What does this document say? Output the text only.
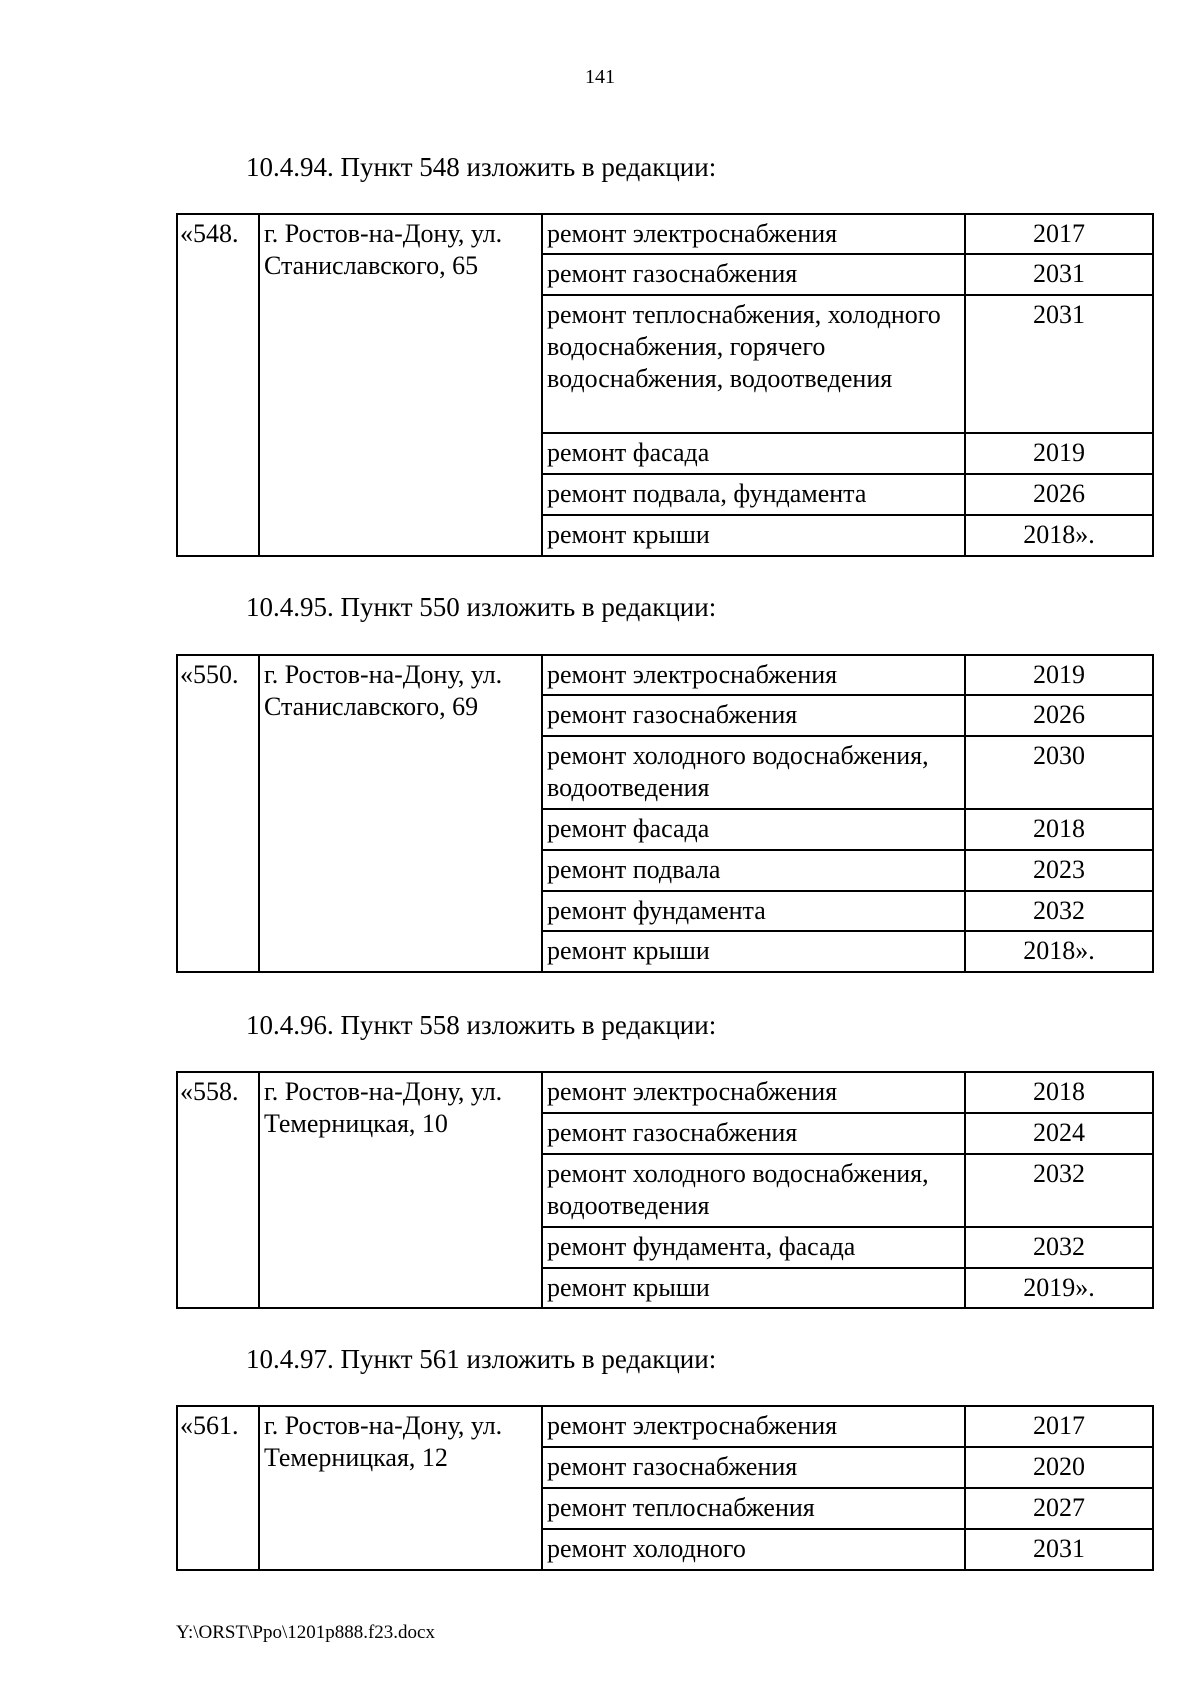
141
10.4.94. Пункт 548 изложить в редакции:
«548.	г. Ростов-на-Дону, ул. Станиславского, 65	ремонт электроснабжения	2017
		ремонт газоснабжения	2031
		ремонт теплоснабжения, холодного водоснабжения, горячего водоснабжения, водоотведения	2031
		ремонт фасада	2019
		ремонт подвала, фундамента	2026
		ремонт крыши	2018».
10.4.95. Пункт 550 изложить в редакции:
«550.	г. Ростов-на-Дону, ул. Станиславского, 69	ремонт электроснабжения	2019
		ремонт газоснабжения	2026
		ремонт холодного водоснабжения, водоотведения	2030
		ремонт фасада	2018
		ремонт подвала	2023
		ремонт фундамента	2032
		ремонт крыши	2018».
10.4.96. Пункт 558 изложить в редакции:
«558.	г. Ростов-на-Дону, ул. Темерницкая, 10	ремонт электроснабжения	2018
		ремонт газоснабжения	2024
		ремонт холодного водоснабжения, водоотведения	2032
		ремонт фундамента, фасада	2032
		ремонт крыши	2019».
10.4.97. Пункт 561 изложить в редакции:
«561.	г. Ростов-на-Дону, ул. Темерницкая, 12	ремонт электроснабжения	2017
		ремонт газоснабжения	2020
		ремонт теплоснабжения	2027
		ремонт холодного	2031
Y:\ORST\Ppo\1201p888.f23.docx
